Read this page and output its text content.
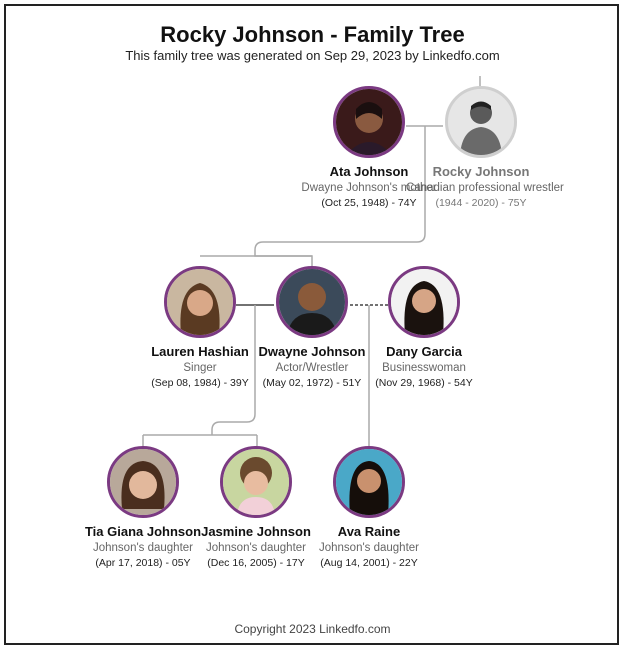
Rocky Johnson - Family Tree
This family tree was generated on Sep 29, 2023 by Linkedfo.com
Ata Johnson
Dwayne Johnson's mother
(Oct 25, 1948) - 74Y
Rocky Johnson
Canadian professional wrestler
(1944 - 2020) - 75Y
Lauren Hashian
Singer
(Sep 08, 1984) - 39Y
Dwayne Johnson
Actor/Wrestler
(May 02, 1972) - 51Y
Dany Garcia
Businesswoman
(Nov 29, 1968) - 54Y
Tia Giana Johnson
Johnson's daughter
(Apr 17, 2018) - 05Y
Jasmine Johnson
Johnson's daughter
(Dec 16, 2005) - 17Y
Ava Raine
Johnson's daughter
(Aug 14, 2001) - 22Y
Copyright 2023 Linkedfo.com
